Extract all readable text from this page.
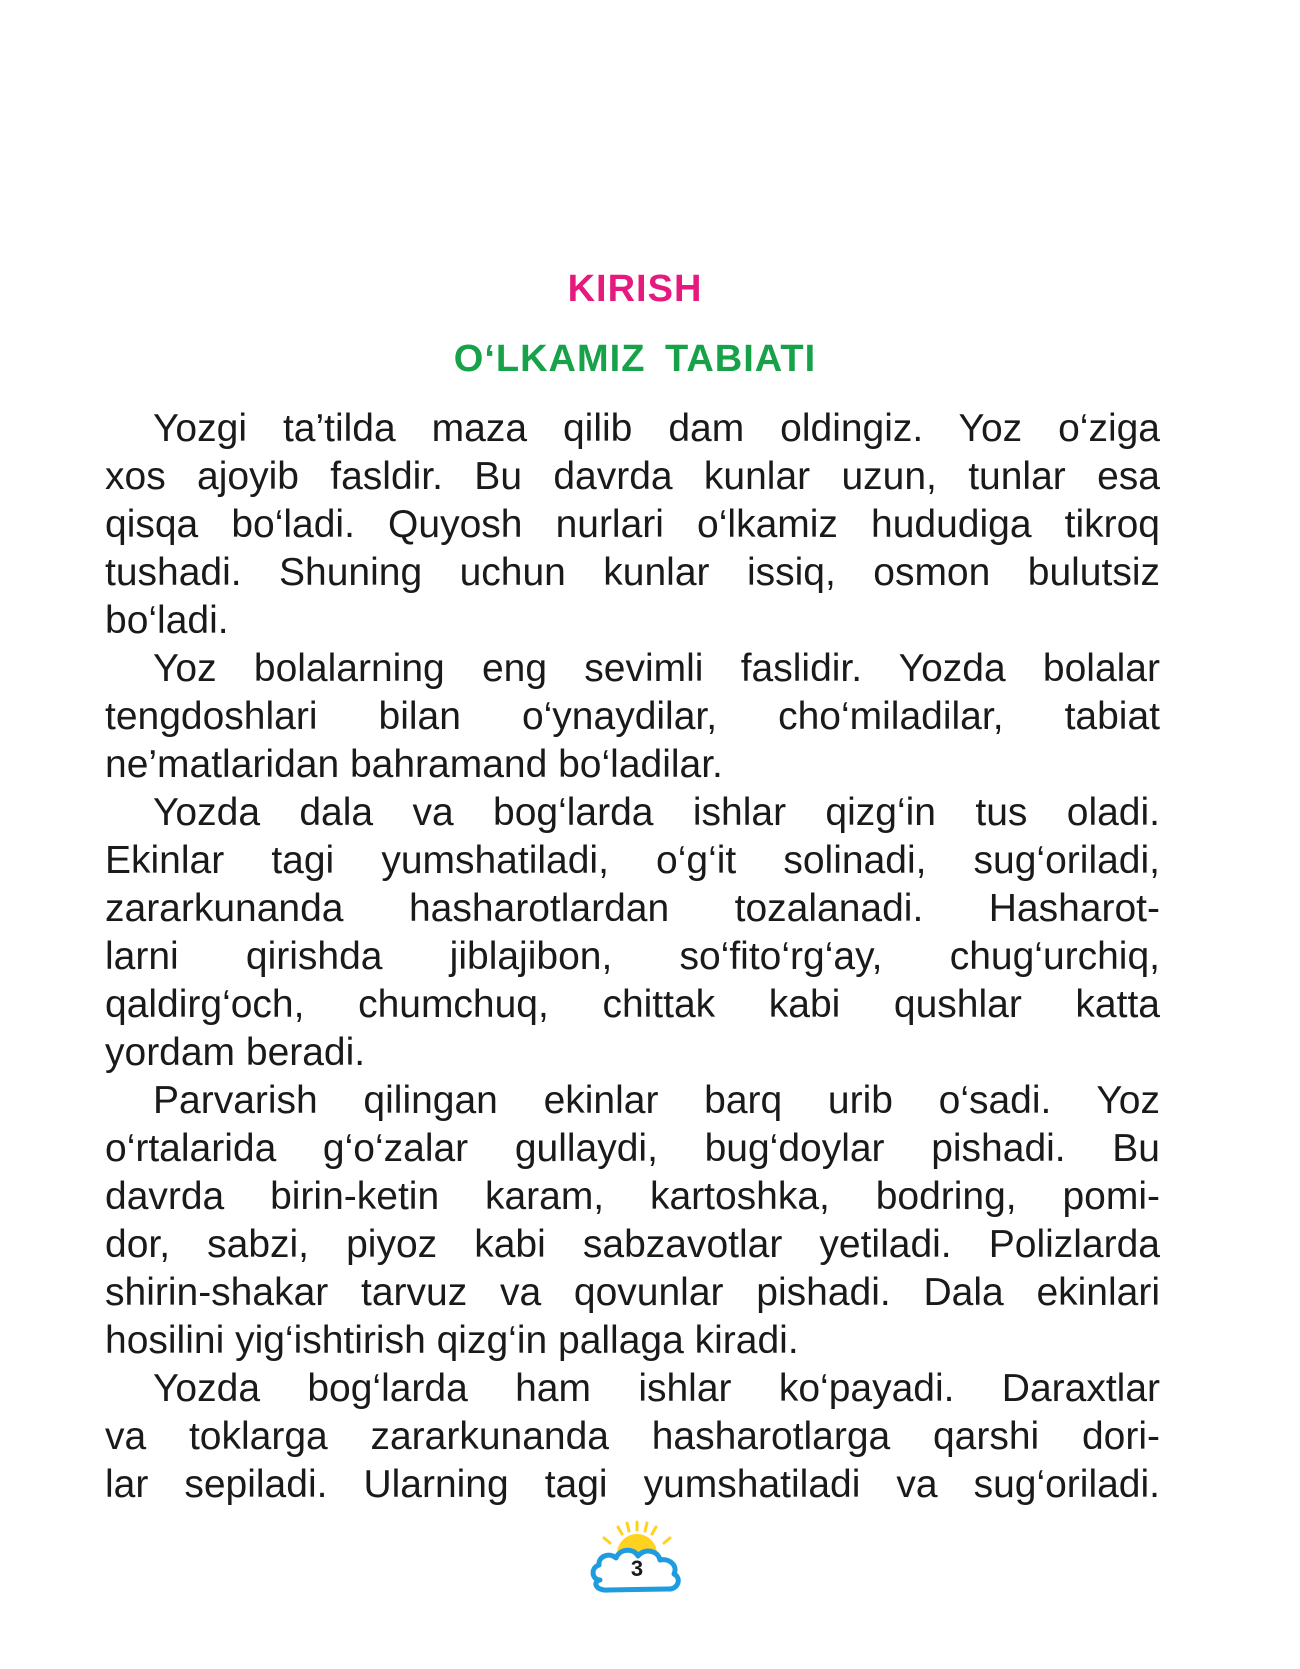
KIRISH
O‘LKAMIZ TABIATI
Yozgi ta’tilda maza qilib dam oldingiz. Yoz o‘ziga
xos ajoyib fasldir. Bu davrda kunlar uzun, tunlar esa
qisqa bo‘ladi. Quyosh nurlari o‘lkamiz hududiga tikroq
tushadi. Shuning uchun kunlar issiq, osmon bulutsiz
bo‘ladi.
Yoz bolalarning eng sevimli faslidir. Yozda bolalar
tengdoshlari bilan o‘ynaydilar, cho‘miladilar, tabiat
ne’matlaridan bahramand bo‘ladilar.
Yozda dala va bog‘larda ishlar qizg‘in tus oladi.
Ekinlar tagi yumshatiladi, o‘g‘it solinadi, sug‘oriladi,
zararkunanda hasharotlardan tozalanadi. Hasharot-
larni qirishda jiblajibon, so‘fito‘rg‘ay, chug‘urchiq,
qaldirg‘och, chumchuq, chittak kabi qushlar katta
yordam beradi.
Parvarish qilingan ekinlar barq urib o‘sadi. Yoz
o‘rtalarida g‘o‘zalar gullaydi, bug‘doylar pishadi. Bu
davrda birin-ketin karam, kartoshka, bodring, pomi-
dor, sabzi, piyoz kabi sabzavotlar yetiladi. Polizlarda
shirin-shakar tarvuz va qovunlar pishadi. Dala ekinlari
hosilini yig‘ishtirish qizg‘in pallaga kiradi.
Yozda bog‘larda ham ishlar ko‘payadi. Daraxtlar
va toklarga zararkunanda hasharotlarga qarshi dori-
lar sepiladi. Ularning tagi yumshatiladi va sug‘oriladi.
3
